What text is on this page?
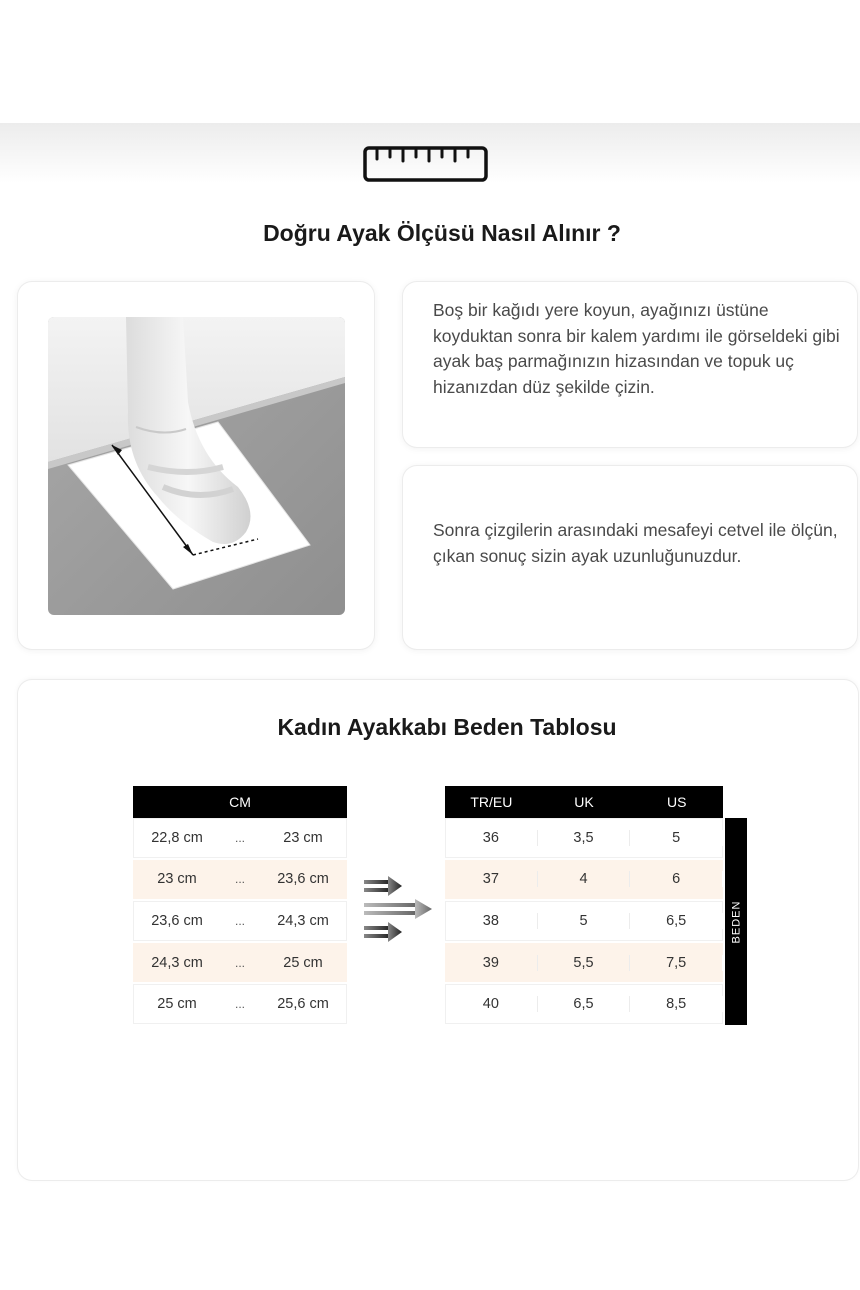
Doğru Ayak Ölçüsü Nasıl Alınır ?

Boş bir kağıdı yere koyun, ayağınızı üstüne koyduktan sonra bir kalem yardımı ile görseldeki gibi ayak baş parmağınızın hizasından ve topuk uç hizanızdan düz şekilde çizin.

Sonra çizgilerin arasındaki mesafeyi cetvel ile ölçün, çıkan sonuç sizin ayak uzunluğunuzdur.

Kadın Ayakkabı Beden Tablosu
CM
22,8 cm	...	23 cm
23 cm	...	23,6 cm
23,6 cm	...	24,3 cm
24,3 cm	...	25 cm
25 cm	...	25,6 cm
TR/EU	UK	US
36	3,5	5
37	4	6
38	5	6,5
39	5,5	7,5
40	6,5	8,5
BEDEN
